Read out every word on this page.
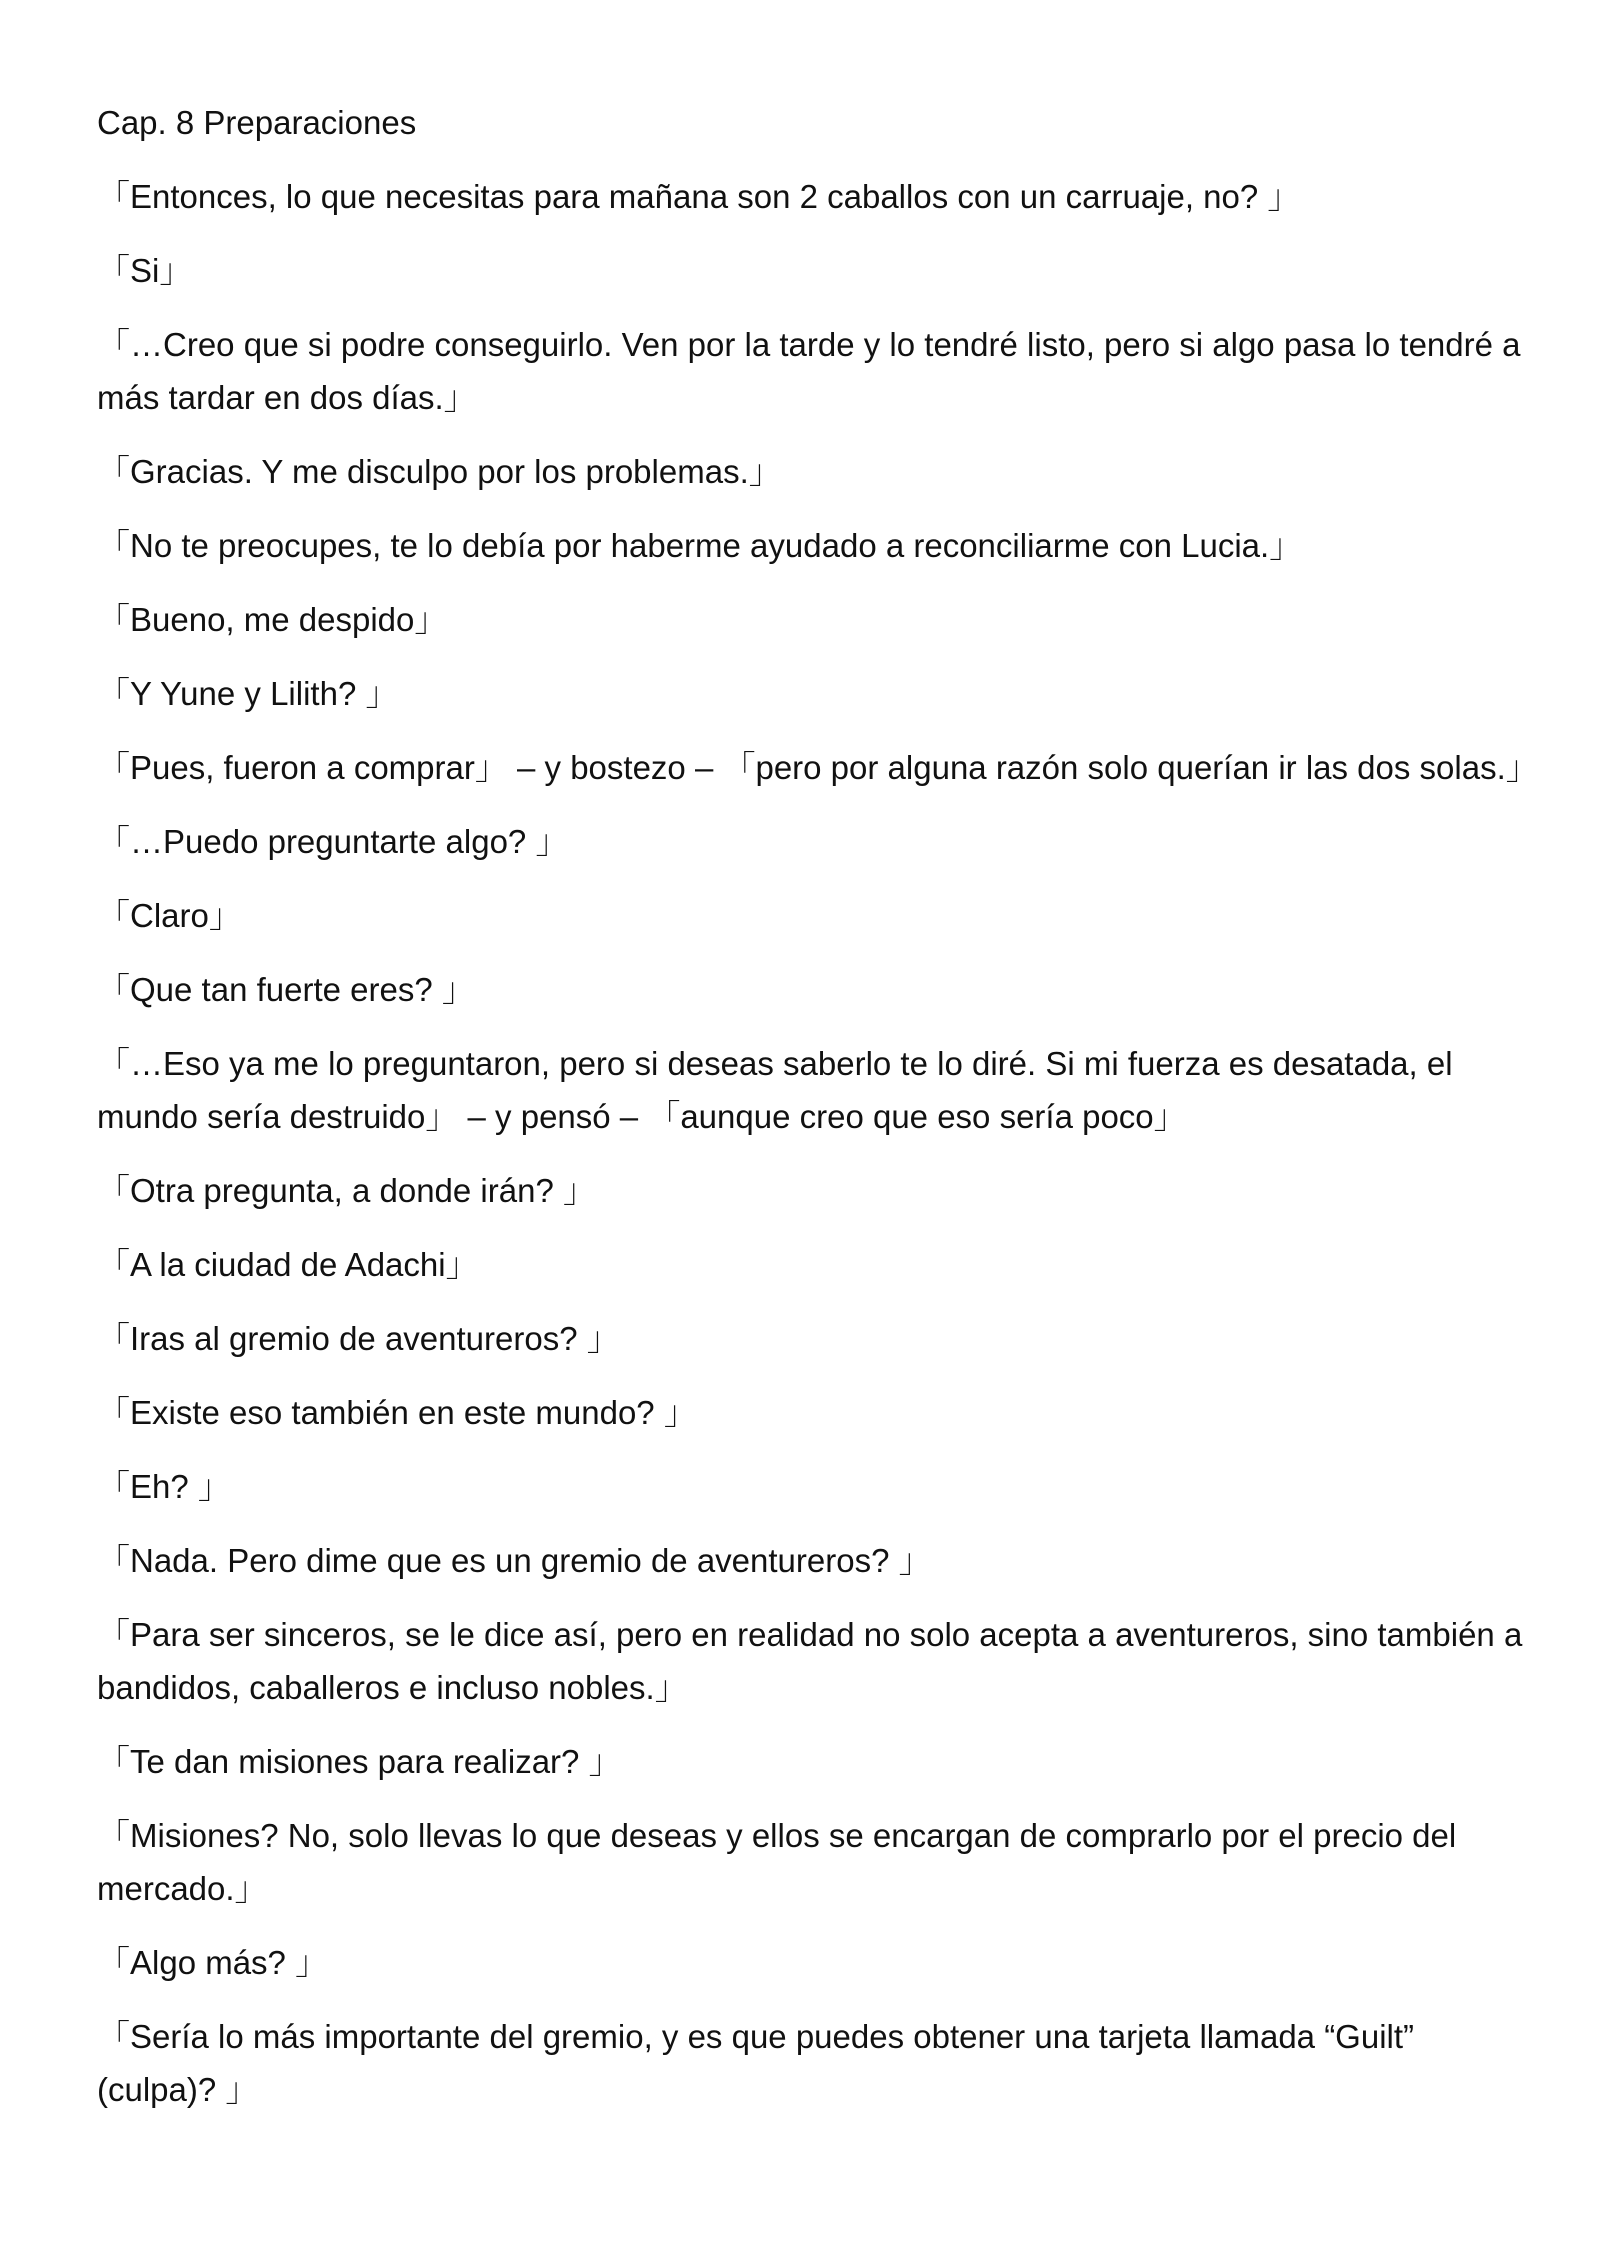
Cap. 8 Preparaciones

「Entonces, lo que necesitas para mañana son 2 caballos con un carruaje, no? 」

「Si」

「…Creo que si podre conseguirlo. Ven por la tarde y lo tendré listo, pero si algo pasa lo tendré a más tardar en dos días.」

「Gracias. Y me disculpo por los problemas.」

「No te preocupes, te lo debía por haberme ayudado a reconciliarme con Lucia.」

「Bueno, me despido」

「Y Yune y Lilith? 」

「Pues, fueron a comprar」 – y bostezo – 「pero por alguna razón solo querían ir las dos solas.」

「…Puedo preguntarte algo? 」

「Claro」

「Que tan fuerte eres? 」

「…Eso ya me lo preguntaron, pero si deseas saberlo te lo diré. Si mi fuerza es desatada, el mundo sería destruido」 – y pensó – 「aunque creo que eso sería poco」

「Otra pregunta, a donde irán? 」

「A la ciudad de Adachi」

「Iras al gremio de aventureros? 」

「Existe eso también en este mundo? 」

「Eh? 」

「Nada. Pero dime que es un gremio de aventureros? 」

「Para ser sinceros, se le dice así, pero en realidad no solo acepta a aventureros, sino también a bandidos, caballeros e incluso nobles.」

「Te dan misiones para realizar? 」

「Misiones? No, solo llevas lo que deseas y ellos se encargan de comprarlo por el precio del mercado.」

「Algo más? 」

「Sería lo más importante del gremio, y es que puedes obtener una tarjeta llamada “Guilt” (culpa)? 」
